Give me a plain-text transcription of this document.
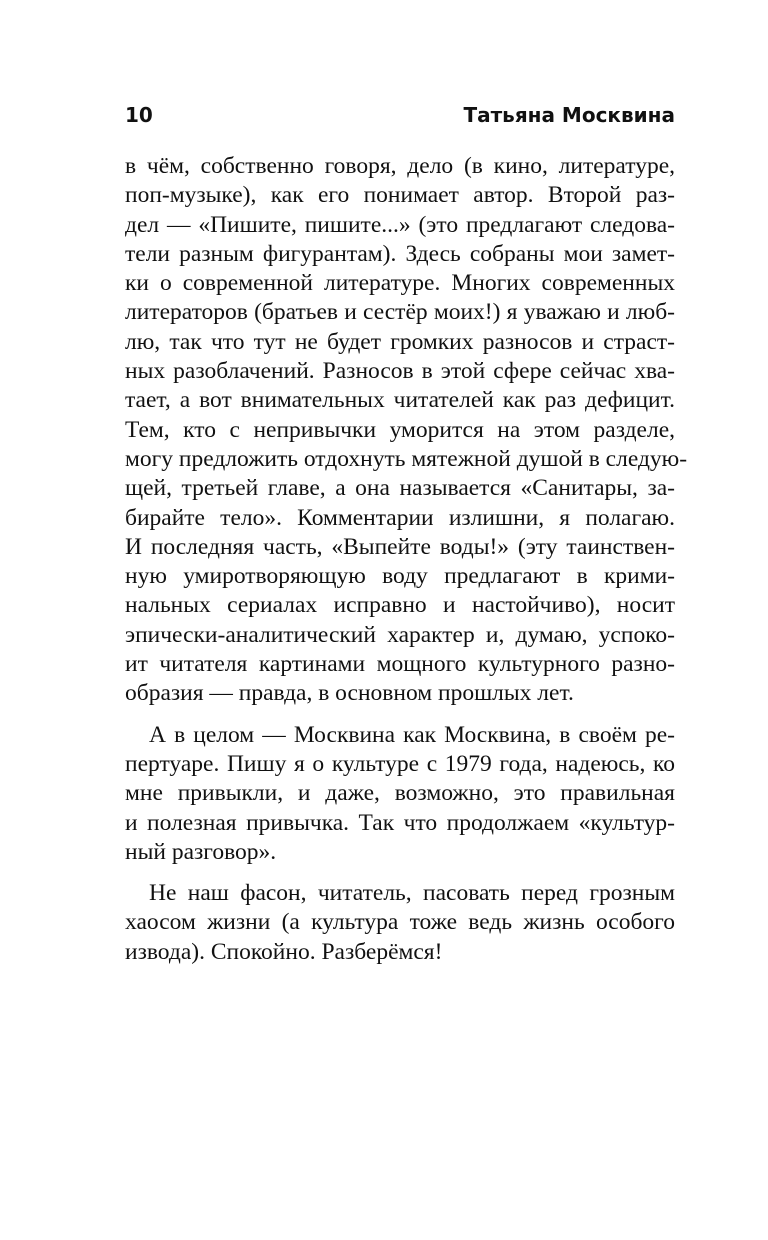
10	Татьяна Москвина
в чём, собственно говоря, дело (в кино, литературе,
поп-музыке), как его понимает автор. Второй раз-
дел — «Пишите, пишите...» (это предлагают следова-
тели разным фигурантам). Здесь собраны мои замет-
ки о современной литературе. Многих современных
литераторов (братьев и сестёр моих!) я уважаю и люб-
лю, так что тут не будет громких разносов и страст-
ных разоблачений. Разносов в этой сфере сейчас хва-
тает, а вот внимательных читателей как раз дефицит.
Тем, кто с непривычки уморится на этом разделе,
могу предложить отдохнуть мятежной душой в следую-
щей, третьей главе, а она называется «Санитары, за-
бирайте тело». Комментарии излишни, я полагаю.
И последняя часть, «Выпейте воды!» (эту таинствен-
ную умиротворяющую воду предлагают в крими-
нальных сериалах исправно и настойчиво), носит
эпически-аналитический характер и, думаю, успоко-
ит читателя картинами мощного культурного разно-
образия — правда, в основном прошлых лет.
А в целом — Москвина как Москвина, в своём ре-
пертуаре. Пишу я о культуре с 1979 года, надеюсь, ко
мне привыкли, и даже, возможно, это правильная
и полезная привычка. Так что продолжаем «культур-
ный разговор».
Не наш фасон, читатель, пасовать перед грозным
хаосом жизни (а культура тоже ведь жизнь особого
извода). Спокойно. Разберёмся!
